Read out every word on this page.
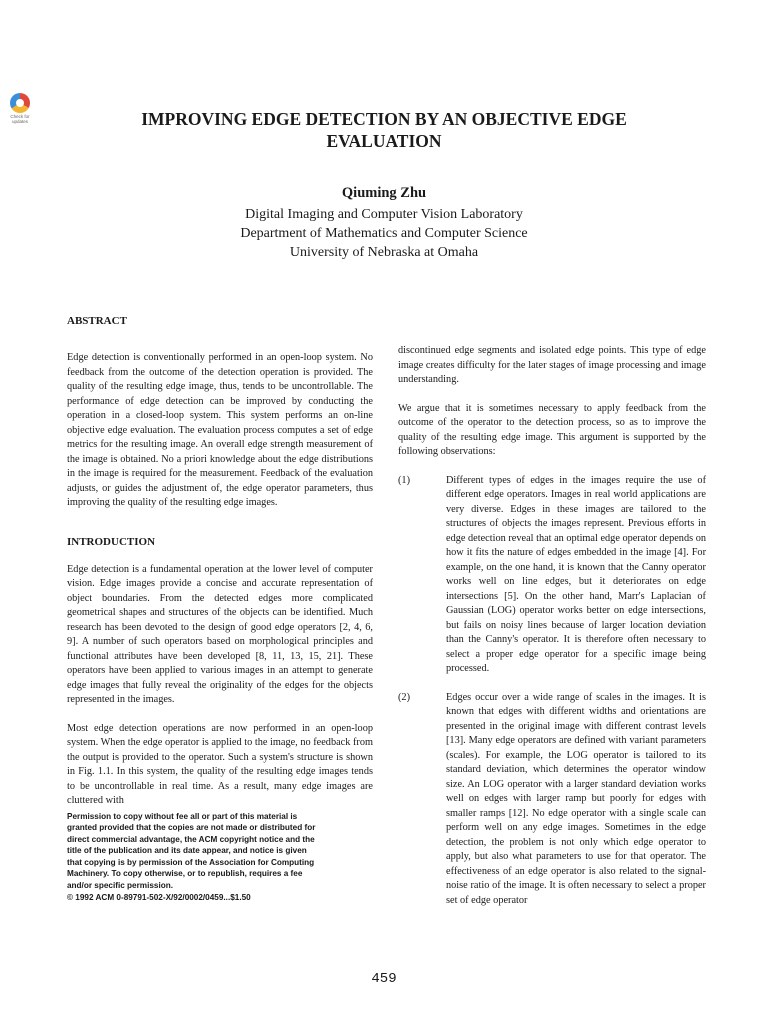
Check for updates	IMPROVING EDGE DETECTION BY AN OBJECTIVE EDGE
EVALUATION
Qiuming Zhu
Digital Imaging and Computer Vision Laboratory
Department of Mathematics and Computer Science
University of Nebraska at Omaha
ABSTRACT

Edge detection is conventionally performed in an open-loop system. No feedback from the outcome of the detection operation is provided. The quality of the resulting edge image, thus, tends to be uncontrollable. The performance of edge detection can be improved by conducting the operation in a closed-loop system. This system performs an on-line objective edge evaluation. The evaluation process computes a set of edge metrics for the resulting image. An overall edge strength measurement of the image is obtained. No a priori knowledge about the edge distributions in the image is required for the measurement. Feedback of the evaluation adjusts, or guides the adjustment of, the edge operator parameters, thus improving the quality of the resulting edge images.

INTRODUCTION

Edge detection is a fundamental operation at the lower level of computer vision. Edge images provide a concise and accurate representation of object boundaries. From the detected edges more complicated geometrical shapes and structures of the objects can be identified. Much research has been devoted to the design of good edge operators [2, 4, 6, 9]. A number of such operators based on morphological principles and functional attributes have been developed [8, 11, 13, 15, 21]. These operators have been applied to various images in an attempt to generate edge images that fully reveal the originality of the edges for the objects represented in the images.

Most edge detection operations are now performed in an open-loop system. When the edge operator is applied to the image, no feedback from the output is provided to the operator. Such a system's structure is shown in Fig. 1.1. In this system, the quality of the resulting edge images tends to be uncontrollable in real time. As a result, many edge images are cluttered with

Permission to copy without fee all or part of this material is
granted provided that the copies are not made or distributed for
direct commercial advantage, the ACM copyright notice and the
title of the publication and its date appear, and notice is given
that copying is by permission of the Association for Computing
Machinery. To copy otherwise, or to republish, requires a fee
and/or specific permission.
© 1992 ACM 0-89791-502-X/92/0002/0459...$1.50

discontinued edge segments and isolated edge points. This type of edge image creates difficulty for the later stages of image processing and image understanding.

We argue that it is sometimes necessary to apply feedback from the outcome of the operator to the detection process, so as to improve the quality of the resulting edge image. This argument is supported by the following observations:

(1)	Different types of edges in the images require the use of different edge operators. Images in real world applications are very diverse. Edges in these images are tailored to the structures of objects the images represent. Previous efforts in edge detection reveal that an optimal edge operator depends on how it fits the nature of edges embedded in the image [4]. For example, on the one hand, it is known that the Canny operator works well on line edges, but it deteriorates on edge intersections [5]. On the other hand, Marr's Laplacian of Gaussian (LOG) operator works better on edge intersections, but fails on noisy lines because of larger location deviation than the Canny's operator. It is therefore often necessary to select a proper edge operator for a specific image being processed.
(2)	Edges occur over a wide range of scales in the images. It is known that edges with different widths and orientations are presented in the original image with different contrast levels [13]. Many edge operators are defined with variant parameters (scales). For example, the LOG operator is tailored to its standard deviation, which determines the operator window size. An LOG operator with a larger standard deviation works well on edges with larger ramp but poorly for edges with smaller ramps [12]. No edge operator with a single scale can perform well on any edge images. Sometimes in the edge detection, the problem is not only which edge operator to apply, but also what parameters to use for that operator. The effectiveness of an edge operator is also related to the signal-noise ratio of the image. It is often necessary to select a proper set of edge operator
459
